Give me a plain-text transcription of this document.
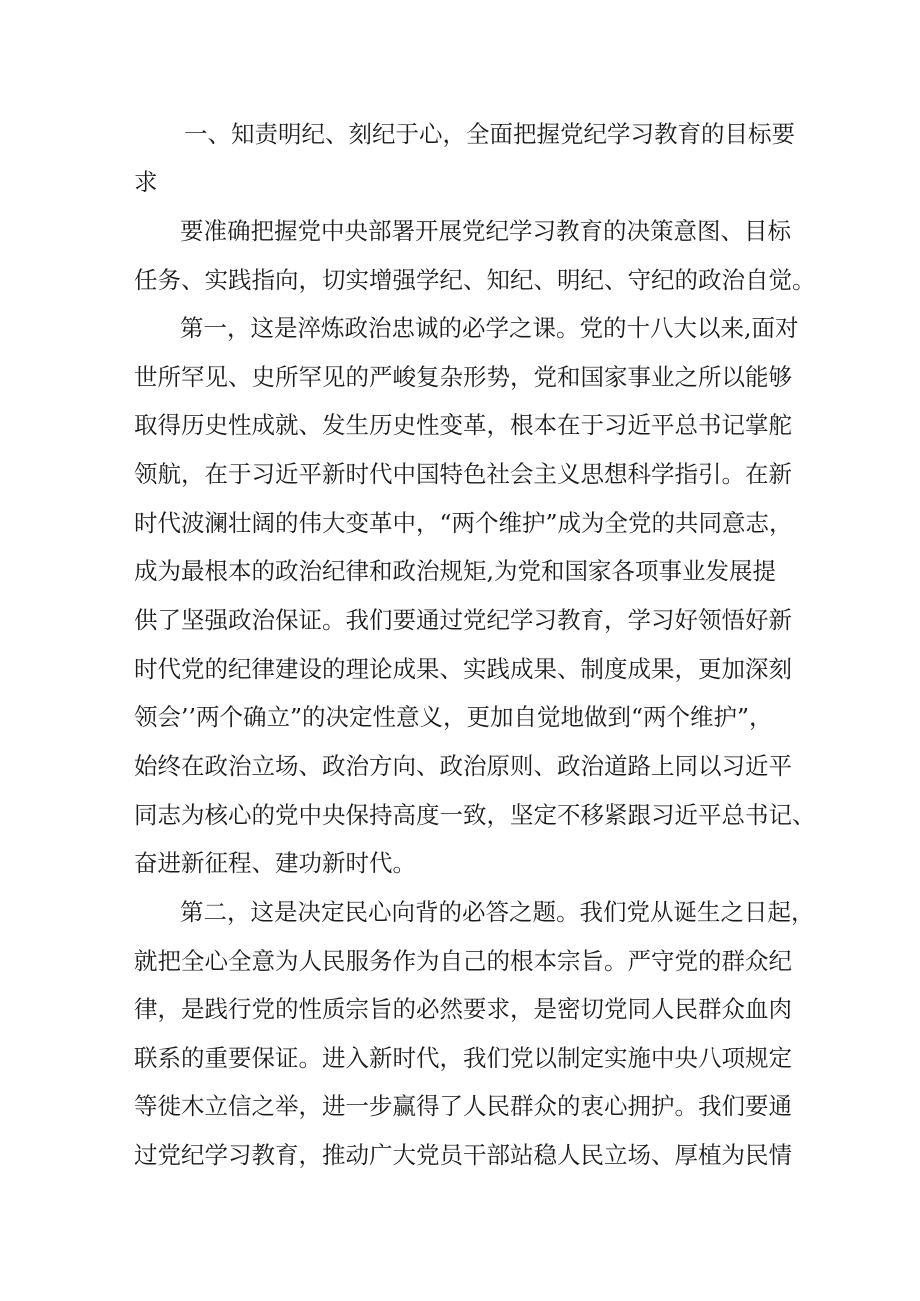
一、知责明纪、刻纪于心，全面把握党纪学习教育的目标要

求

要准确把握党中央部署开展党纪学习教育的决策意图、目标

任务、实践指向，切实增强学纪、知纪、明纪、守纪的政治自觉。

第一，这是淬炼政治忠诚的必学之课。党的十八大以来,面对

世所罕见、史所罕见的严峻复杂形势，党和国家事业之所以能够

取得历史性成就、发生历史性变革，根本在于习近平总书记掌舵

领航，在于习近平新时代中国特色社会主义思想科学指引。在新

时代波澜壮阔的伟大变革中，“两个维护”成为全党的共同意志，

成为最根本的政治纪律和政治规矩,为党和国家各项事业发展提

供了坚强政治保证。我们要通过党纪学习教育，学习好领悟好新

时代党的纪律建设的理论成果、实践成果、制度成果，更加深刻

领会’’两个确立”的决定性意义，更加自觉地做到“两个维护”，

始终在政治立场、政治方向、政治原则、政治道路上同以习近平

同志为核心的党中央保持高度一致，坚定不移紧跟习近平总书记、

奋进新征程、建功新时代。

第二，这是决定民心向背的必答之题。我们党从诞生之日起，

就把全心全意为人民服务作为自己的根本宗旨。严守党的群众纪

律，是践行党的性质宗旨的必然要求，是密切党同人民群众血肉

联系的重要保证。进入新时代，我们党以制定实施中央八项规定

等徙木立信之举，进一步赢得了人民群众的衷心拥护。我们要通

过党纪学习教育，推动广大党员干部站稳人民立场、厚植为民情
